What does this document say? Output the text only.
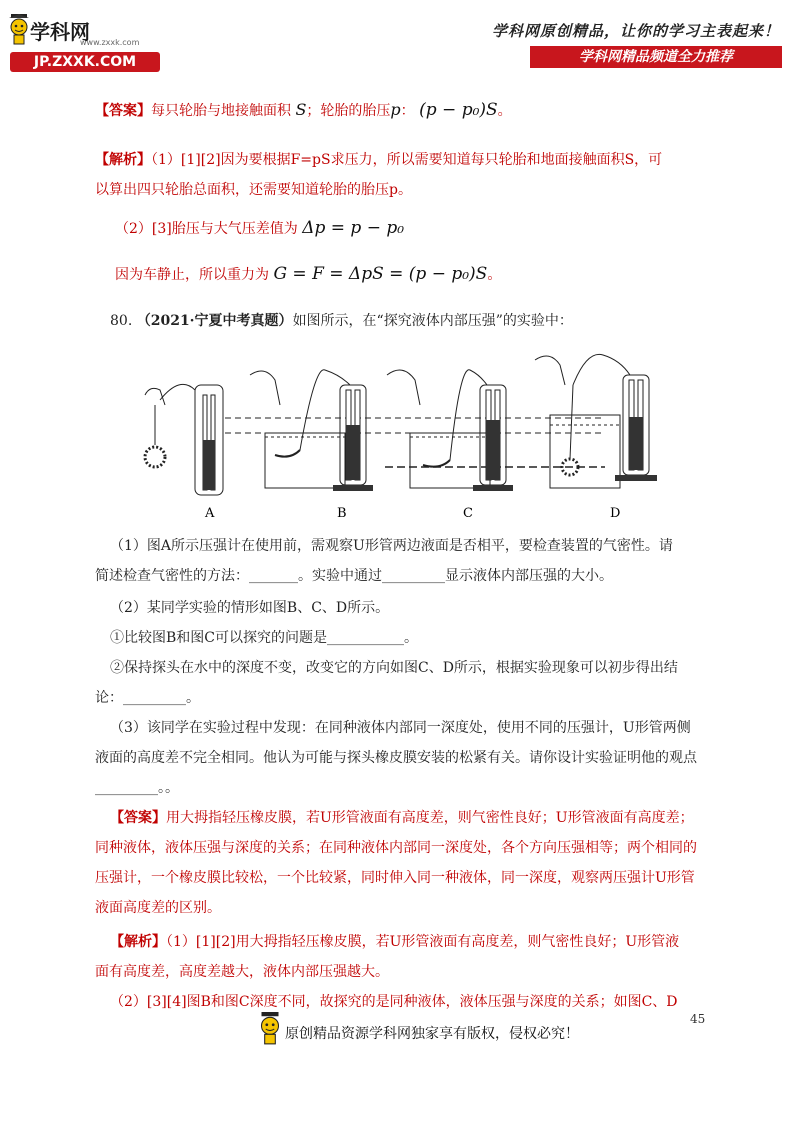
学科网
www.zxxk.com
JP.ZXXK.COM
学科网原创精品，让你的学习主表起来！
学科网精品频道全力推荐
【答案】每只轮胎与地接触面积 S；轮胎的胎压p： (p − p₀)S。
【解析】（1）[1][2]因为要根据F=pS求压力，所以需要知道每只轮胎和地面接触面积S，可
以算出四只轮胎总面积，还需要知道轮胎的胎压p。
（2）[3]胎压与大气压差值为 Δp = p − p₀
因为车静止，所以重力为 G = F = ΔpS = (p − p₀)S。
80. （2021·宁夏中考真题）如图所示，在“探究液体内部压强”的实验中：
A	B	C	D
（1）图A所示压强计在使用前，需观察U形管两边液面是否相平，要检查装置的气密性。请
简述检查气密性的方法：_______。实验中通过_________显示液体内部压强的大小。
（2）某同学实验的情形如图B、C、D所示。
①比较图B和图C可以探究的问题是___________。
②保持探头在水中的深度不变，改变它的方向如图C、D所示，根据实验现象可以初步得出结
论：_________。
（3）该同学在实验过程中发现：在同种液体内部同一深度处，使用不同的压强计，U形管两侧
液面的高度差不完全相同。他认为可能与探头橡皮膜安装的松紧有关。请你设计实验证明他的观点
_________。。
【答案】用大拇指轻压橡皮膜，若U形管液面有高度差，则气密性良好；U形管液面有高度差；
同种液体，液体压强与深度的关系；在同种液体内部同一深度处，各个方向压强相等；两个相同的
压强计，一个橡皮膜比较松，一个比较紧，同时伸入同一种液体，同一深度，观察两压强计U形管
液面高度差的区别。
【解析】（1）[1][2]用大拇指轻压橡皮膜，若U形管液面有高度差，则气密性良好；U形管液
面有高度差，高度差越大，液体内部压强越大。
（2）[3][4]图B和图C深度不同，故探究的是同种液体，液体压强与深度的关系；如图C、D
45
原创精品资源学科网独家享有版权，侵权必究！
